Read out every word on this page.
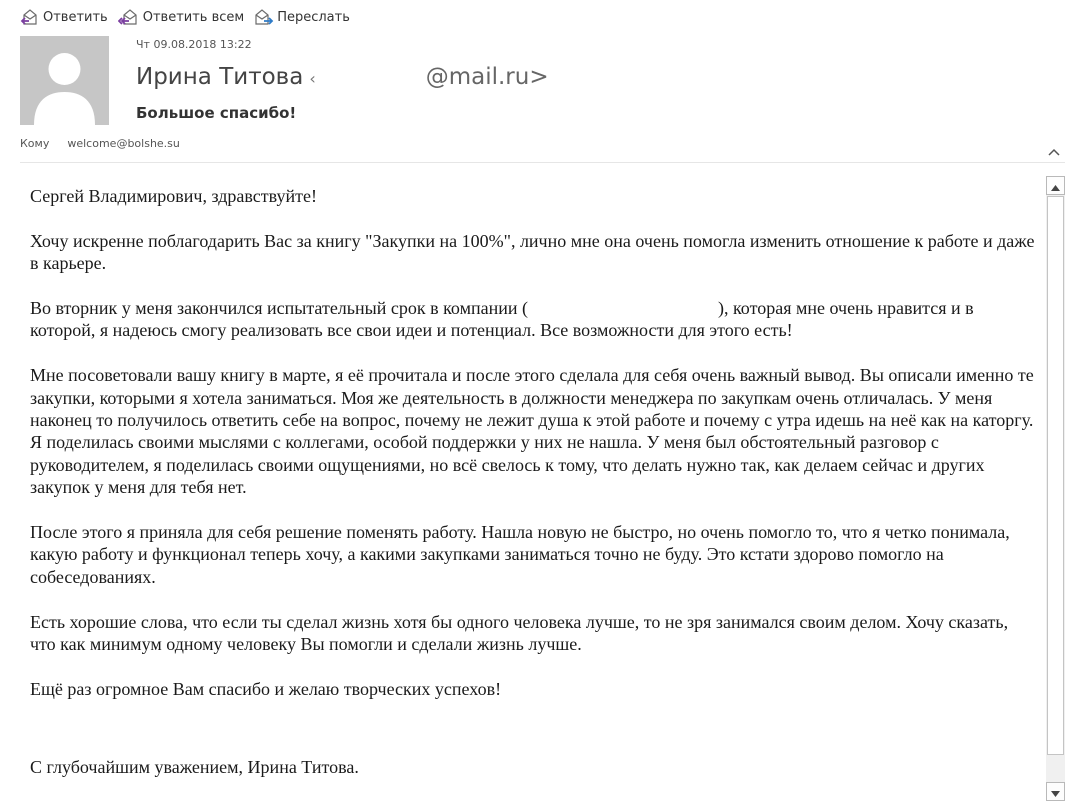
Ответить	Ответить всем	Переслать
Чт 09.08.2018 13:22
Ирина Титова ‹	@mail.ru>
Большое спасибо!
Кому welcome@bolshe.su

Сергей Владимирович, здравствуйте!

Хочу искренне поблагодарить Вас за книгу "Закупки на 100%", лично мне она очень помогла изменить отношение к работе и даже в карьере.

Во вторник у меня закончился испытательный срок в компании (	), которая мне очень нравится и в которой, я надеюсь смогу реализовать все свои идеи и потенциал. Все возможности для этого есть!

Мне посоветовали вашу книгу в марте, я её прочитала и после этого сделала для себя очень важный вывод. Вы описали именно те закупки, которыми я хотела заниматься. Моя же деятельность в должности менеджера по закупкам очень отличалась. У меня наконец то получилось ответить себе на вопрос, почему не лежит душа к этой работе и почему с утра идешь на неё как на каторгу. Я поделилась своими мыслями с коллегами, особой поддержки у них не нашла. У меня был обстоятельный разговор с руководителем, я поделилась своими ощущениями, но всё свелось к тому, что делать нужно так, как делаем сейчас и других закупок у меня для тебя нет.

После этого я приняла для себя решение поменять работу. Нашла новую не быстро, но очень помогло то, что я четко понимала, какую работу и функционал теперь хочу, а какими закупками заниматься точно не буду. Это кстати здорово помогло на собеседованиях.

Есть хорошие слова, что если ты сделал жизнь хотя бы одного человека лучше, то не зря занимался своим делом. Хочу сказать, что как минимум одному человеку Вы помогли и сделали жизнь лучше.

Ещё раз огромное Вам спасибо и желаю творческих успехов!

С глубочайшим уважением, Ирина Титова.
